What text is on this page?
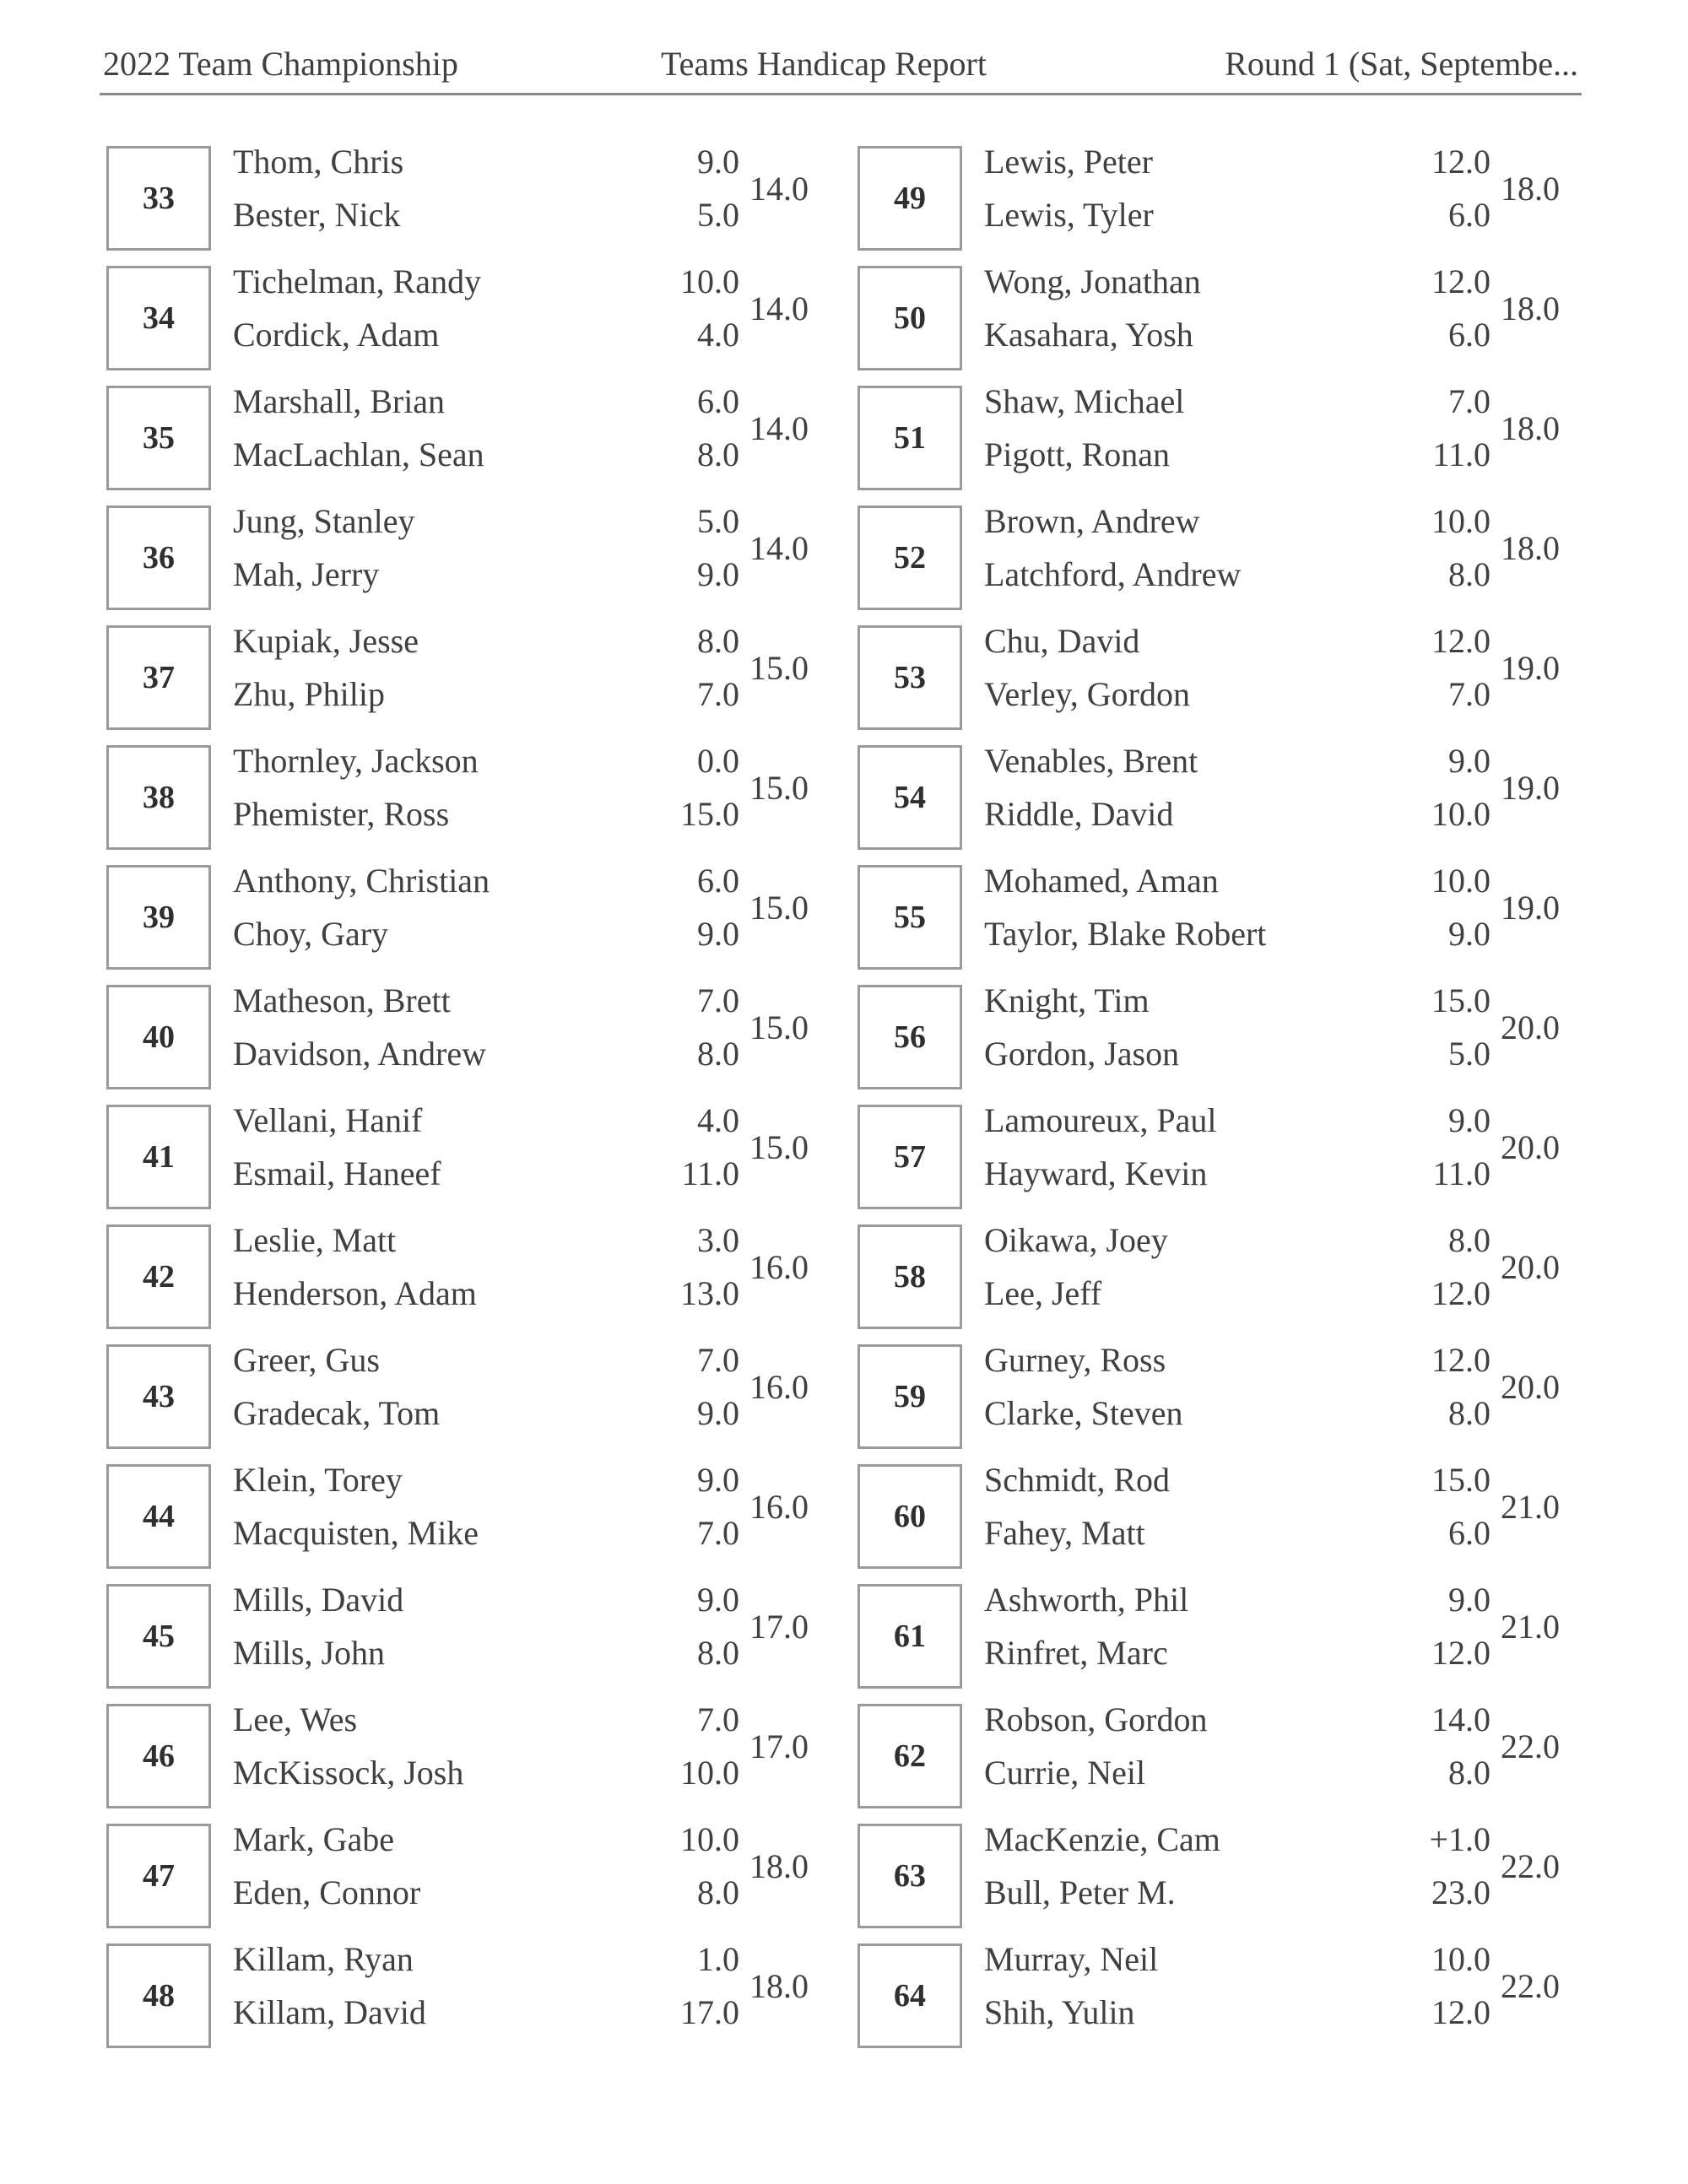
2022 Team Championship	Teams Handicap Report	Round 1 (Sat, Septembe...
33
Thom, Chris
Bester, Nick
9.0
5.0
14.0
34
Tichelman, Randy
Cordick, Adam
10.0
4.0
14.0
35
Marshall, Brian
MacLachlan, Sean
6.0
8.0
14.0
36
Jung, Stanley
Mah, Jerry
5.0
9.0
14.0
37
Kupiak, Jesse
Zhu, Philip
8.0
7.0
15.0
38
Thornley, Jackson
Phemister, Ross
0.0
15.0
15.0
39
Anthony, Christian
Choy, Gary
6.0
9.0
15.0
40
Matheson, Brett
Davidson, Andrew
7.0
8.0
15.0
41
Vellani, Hanif
Esmail, Haneef
4.0
11.0
15.0
42
Leslie, Matt
Henderson, Adam
3.0
13.0
16.0
43
Greer, Gus
Gradecak, Tom
7.0
9.0
16.0
44
Klein, Torey
Macquisten, Mike
9.0
7.0
16.0
45
Mills, David
Mills, John
9.0
8.0
17.0
46
Lee, Wes
McKissock, Josh
7.0
10.0
17.0
47
Mark, Gabe
Eden, Connor
10.0
8.0
18.0
48
Killam, Ryan
Killam, David
1.0
17.0
18.0
49
Lewis, Peter
Lewis, Tyler
12.0
6.0
18.0
50
Wong, Jonathan
Kasahara, Yosh
12.0
6.0
18.0
51
Shaw, Michael
Pigott, Ronan
7.0
11.0
18.0
52
Brown, Andrew
Latchford, Andrew
10.0
8.0
18.0
53
Chu, David
Verley, Gordon
12.0
7.0
19.0
54
Venables, Brent
Riddle, David
9.0
10.0
19.0
55
Mohamed, Aman
Taylor, Blake Robert
10.0
9.0
19.0
56
Knight, Tim
Gordon, Jason
15.0
5.0
20.0
57
Lamoureux, Paul
Hayward, Kevin
9.0
11.0
20.0
58
Oikawa, Joey
Lee, Jeff
8.0
12.0
20.0
59
Gurney, Ross
Clarke, Steven
12.0
8.0
20.0
60
Schmidt, Rod
Fahey, Matt
15.0
6.0
21.0
61
Ashworth, Phil
Rinfret, Marc
9.0
12.0
21.0
62
Robson, Gordon
Currie, Neil
14.0
8.0
22.0
63
MacKenzie, Cam
Bull, Peter M.
+1.0
23.0
22.0
64
Murray, Neil
Shih, Yulin
10.0
12.0
22.0
